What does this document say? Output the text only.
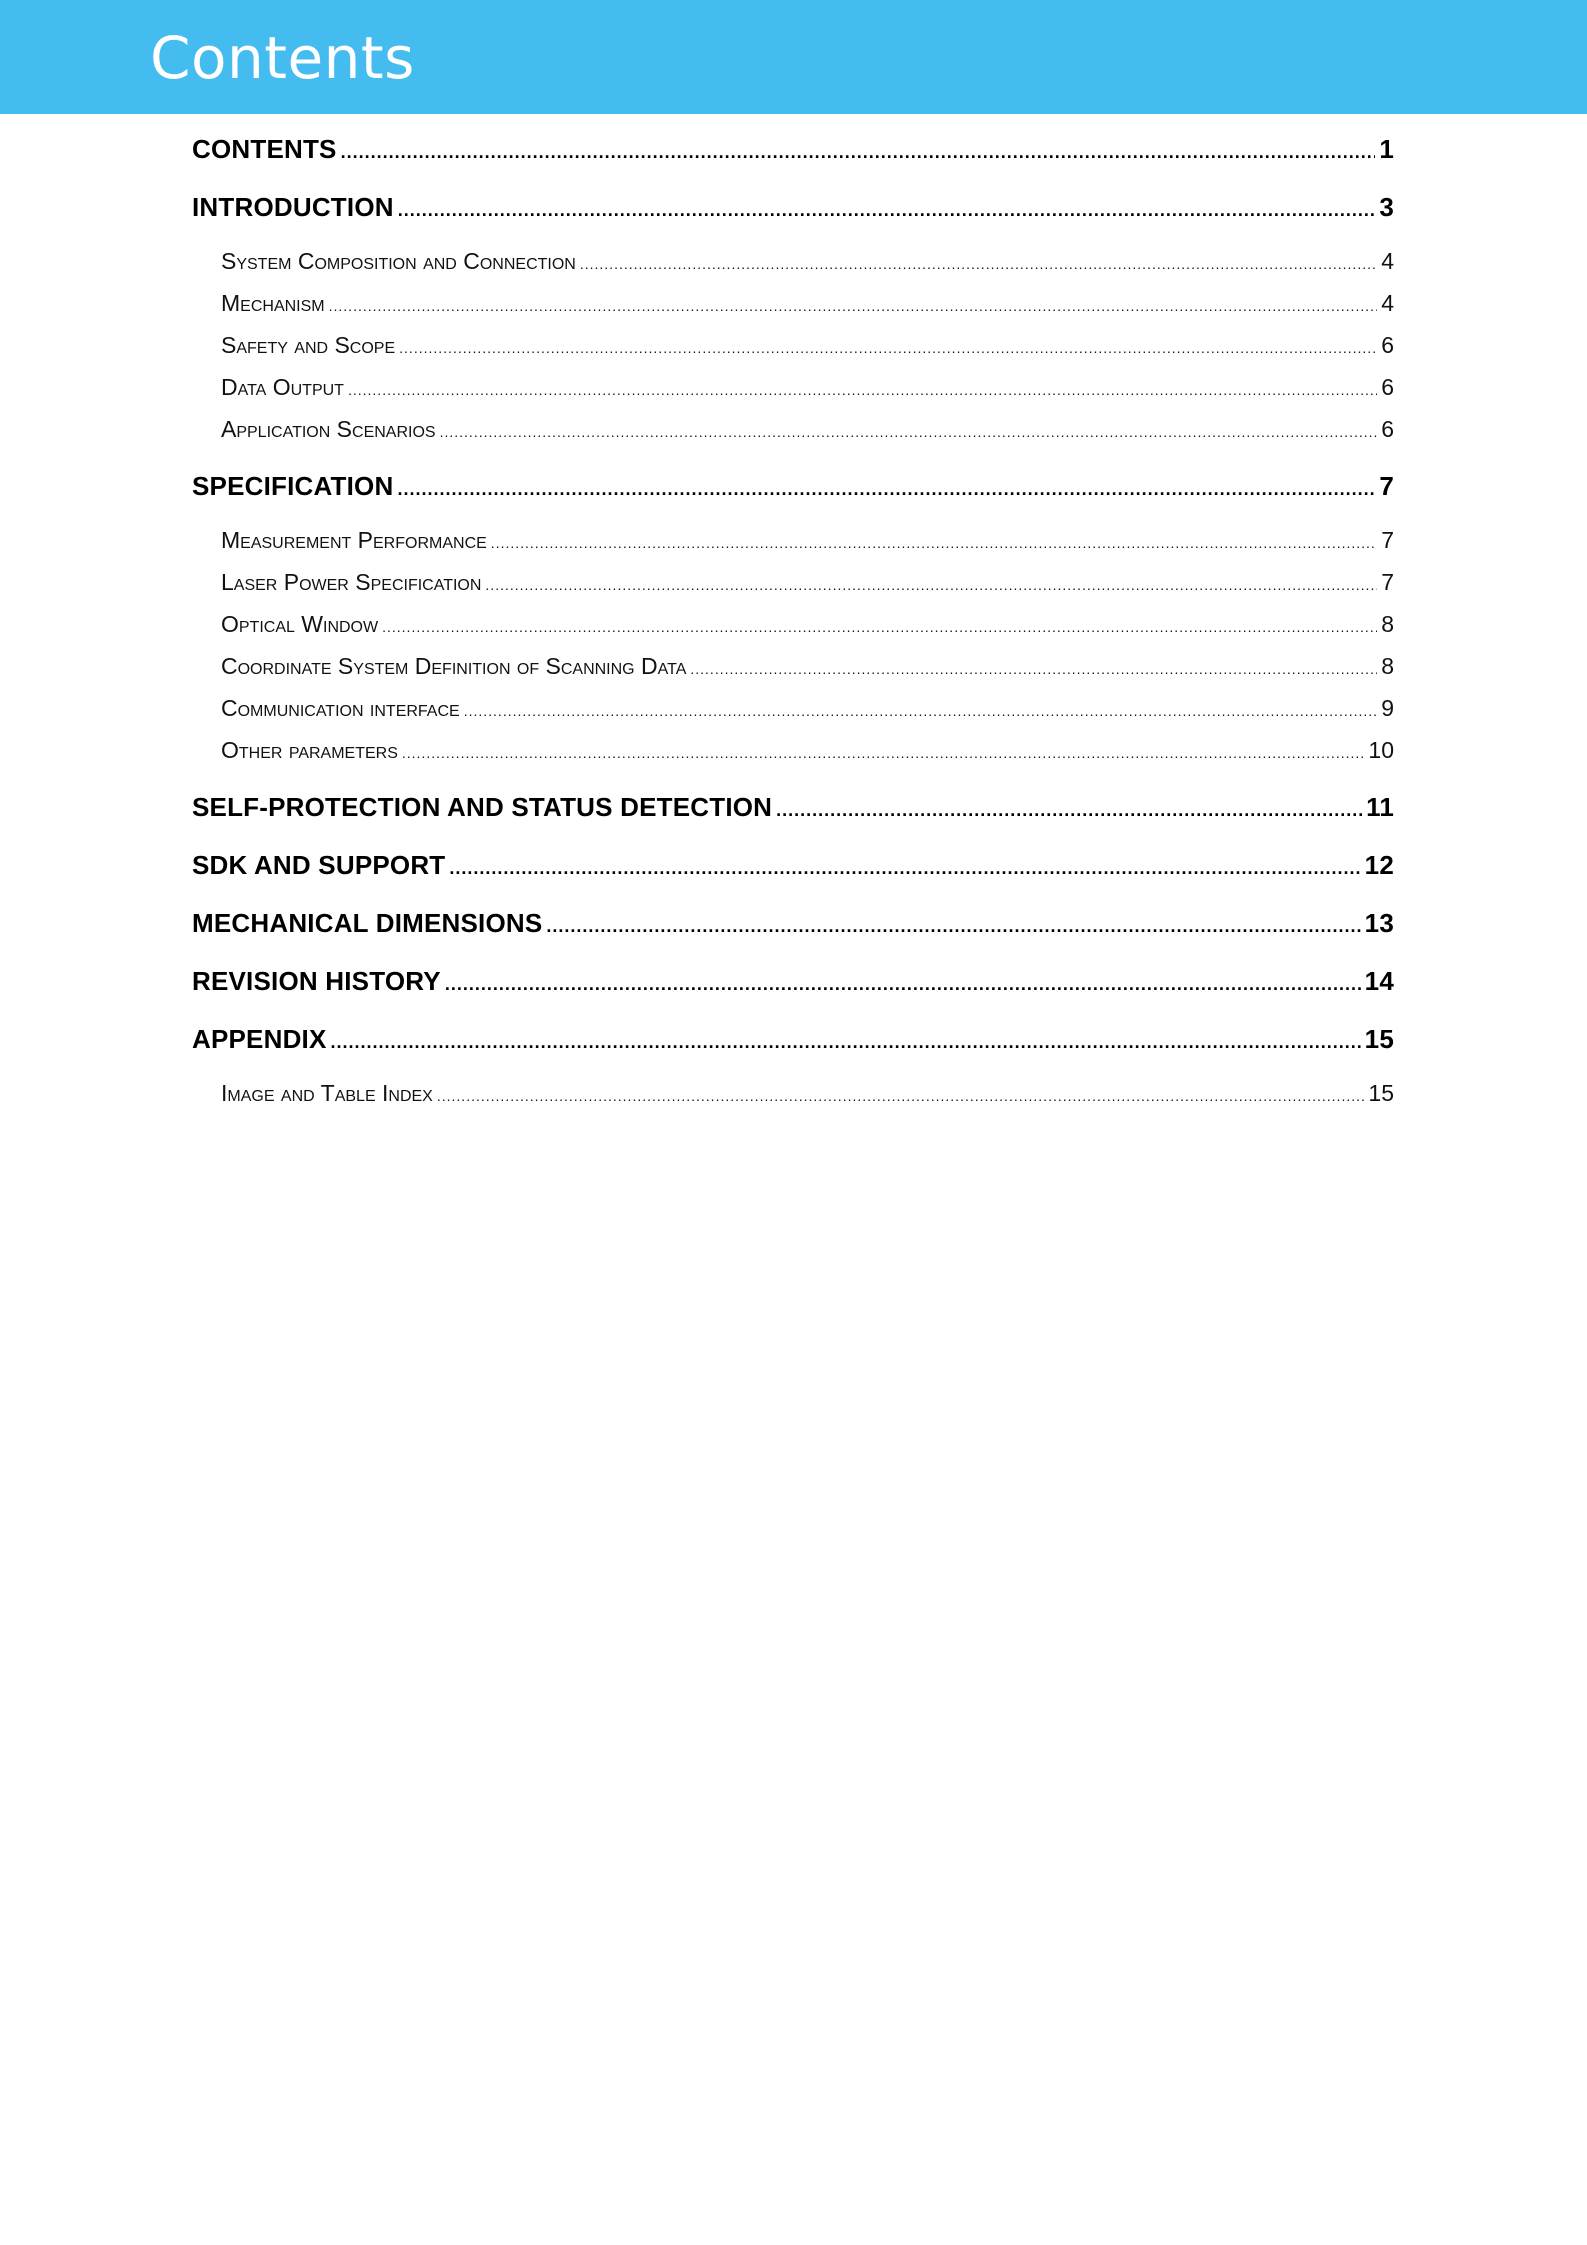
Contents
CONTENTS .....	1
INTRODUCTION .....	3
System Composition and Connection .....	4
Mechanism .....	4
Safety and Scope .....	6
Data Output .....	6
Application Scenarios .....	6
SPECIFICATION .....	7
Measurement Performance .....	7
Laser Power Specification .....	7
Optical Window .....	8
Coordinate System Definition of Scanning Data .....	8
Communication interface .....	9
Other parameters .....	10
SELF-PROTECTION AND STATUS DETECTION .....	11
SDK AND SUPPORT .....	12
MECHANICAL DIMENSIONS .....	13
REVISION HISTORY .....	14
APPENDIX .....	15
Image and Table Index .....	15
